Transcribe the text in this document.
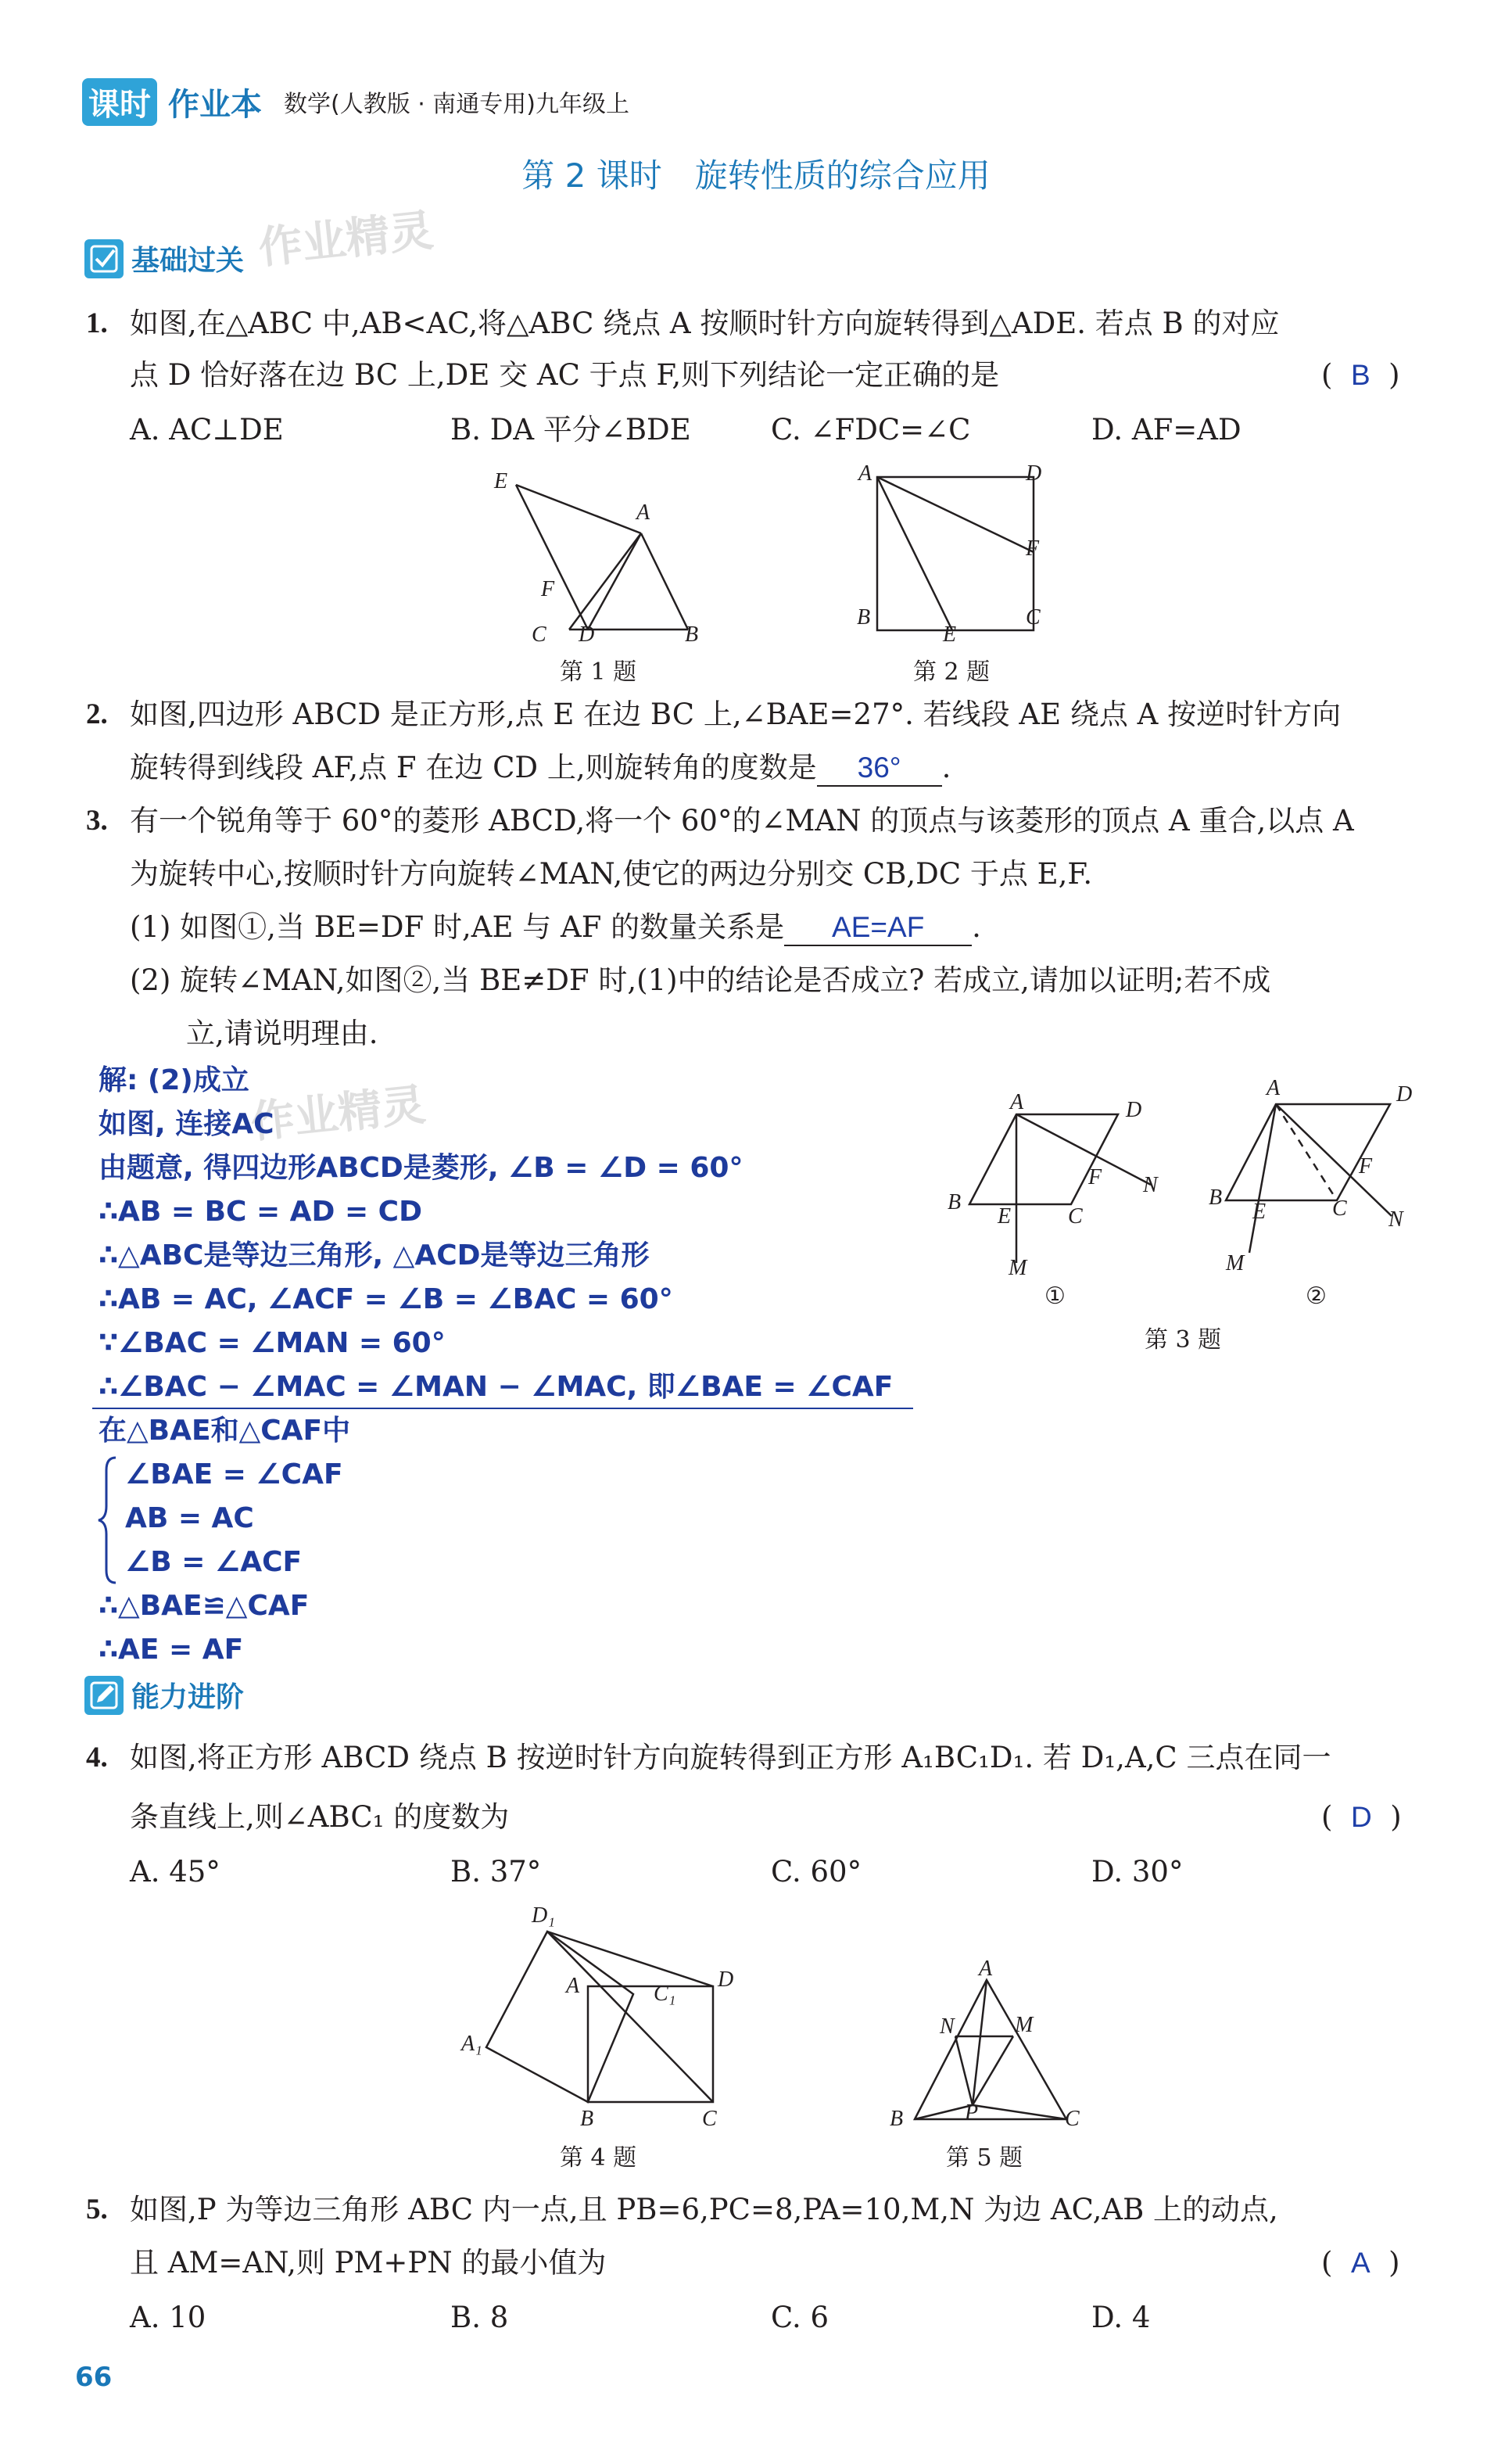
课时 作业本 数学(人教版 · 南通专用)九年级上
第 2 课时　旋转性质的综合应用
作业精灵
作业精灵
基础过关
1. 如图,在△ABC 中,AB<AC,将△ABC 绕点 A 按顺时针方向旋转得到△ADE. 若点 B 的对应
点 D 恰好落在边 BC 上,DE 交 AC 于点 F,则下列结论一定正确的是	(  B  )
A. AC⊥DE	B. DA 平分∠BDE	C. ∠FDC=∠C	D. AF=AD
E
A
F
C D	B
第 1 题
A	D
F
B
E
C
第 2 题
2. 如图,四边形 ABCD 是正方形,点 E 在边 BC 上,∠BAE=27°. 若线段 AE 绕点 A 按逆时针方向
旋转得到线段 AF,点 F 在边 CD 上,则旋转角的度数是 36° .
3. 有一个锐角等于 60°的菱形 ABCD,将一个 60°的∠MAN 的顶点与该菱形的顶点 A 重合,以点 A
为旋转中心,按顺时针方向旋转∠MAN,使它的两边分别交 CB,DC 于点 E,F.
(1) 如图①,当 BE=DF 时,AE 与 AF 的数量关系是 AE=AF .
(2) 旋转∠MAN,如图②,当 BE≠DF 时,(1)中的结论是否成立? 若成立,请加以证明;若不成
立,请说明理由.
A	D
B
E	C
F N
M
A	D
B
E	C
F
N
M
①	②
第 3 题
解: (2)成立
如图, 连接AC
由题意, 得四边形ABCD是菱形, ∠B = ∠D = 60°
∴AB = BC = AD = CD
∴△ABC是等边三角形, △ACD是等边三角形
∴AB = AC, ∠ACF = ∠B = ∠BAC = 60°
∵∠BAC = ∠MAN = 60°
∴∠BAC − ∠MAC = ∠MAN − ∠MAC, 即∠BAE = ∠CAF
在△BAE和△CAF中
∠BAE = ∠CAF
AB = AC
∠B = ∠ACF
∴△BAE≌△CAF
∴AE = AF
能力进阶
4. 如图,将正方形 ABCD 绕点 B 按逆时针方向旋转得到正方形 A₁BC₁D₁. 若 D₁,A,C 三点在同一
条直线上,则∠ABC₁ 的度数为	(  D  )
A. 45°	B. 37°	C. 60°	D. 30°
D₁
A	C₁
D
A₁
B	C
第 4 题
A
N	M
P
B	C
第 5 题
5. 如图,P 为等边三角形 ABC 内一点,且 PB=6,PC=8,PA=10,M,N 为边 AC,AB 上的动点,
且 AM=AN,则 PM+PN 的最小值为	(  A  )
A. 10	B. 8	C. 6	D. 4
66
